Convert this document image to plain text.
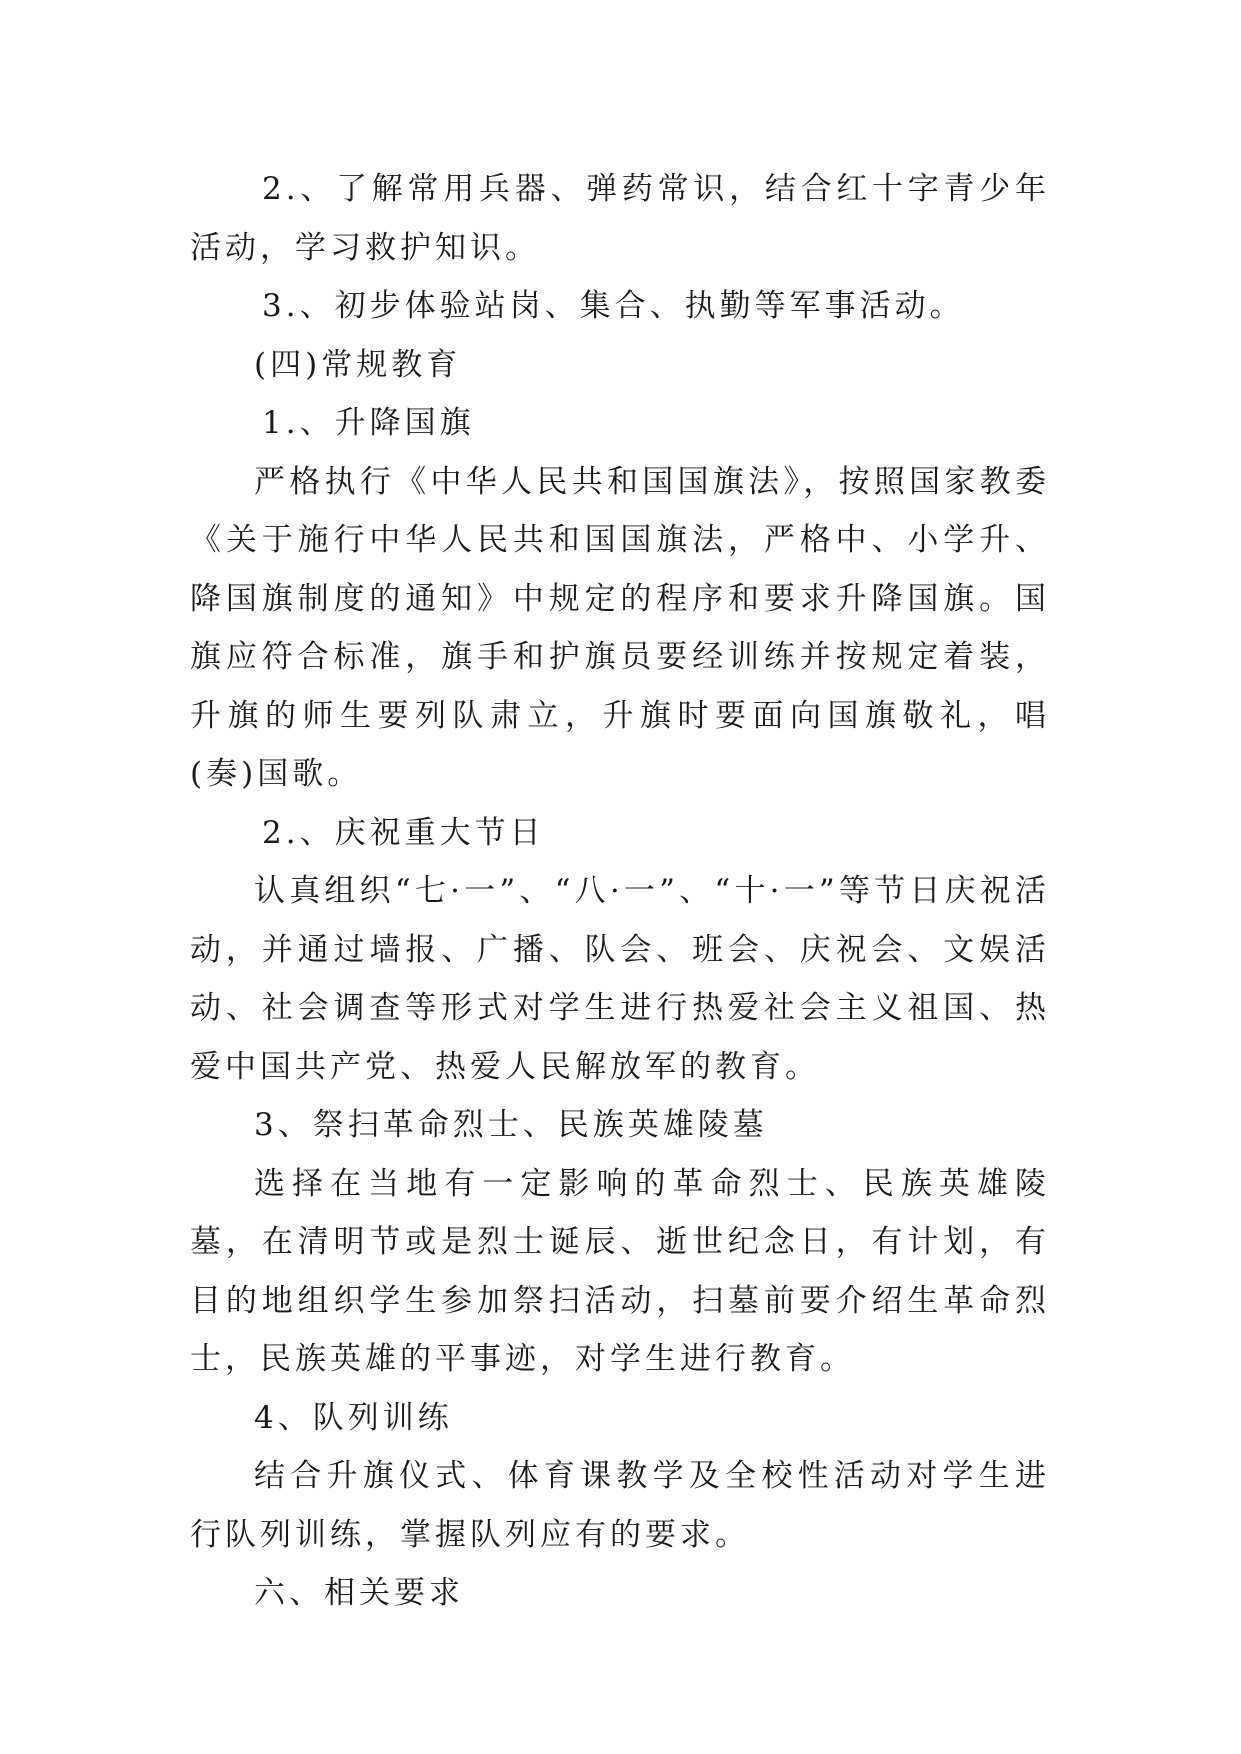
2.、了解常用兵器、弹药常识，结合红十字青少年活动，学习救护知识。

3.、初步体验站岗、集合、执勤等军事活动。

(四)常规教育

1.、升降国旗

严格执行《中华人民共和国国旗法》，按照国家教委《关于施行中华人民共和国国旗法，严格中、小学升、降国旗制度的通知》中规定的程序和要求升降国旗。国旗应符合标准，旗手和护旗员要经训练并按规定着装，升旗的师生要列队肃立，升旗时要面向国旗敬礼，唱(奏)国歌。

2.、庆祝重大节日

认真组织“七·一”、“八·一”、“十·一”等节日庆祝活动，并通过墙报、广播、队会、班会、庆祝会、文娱活动、社会调查等形式对学生进行热爱社会主义祖国、热爱中国共产党、热爱人民解放军的教育。

3、祭扫革命烈士、民族英雄陵墓

选择在当地有一定影响的革命烈士、民族英雄陵墓，在清明节或是烈士诞辰、逝世纪念日，有计划，有目的地组织学生参加祭扫活动，扫墓前要介绍生革命烈士，民族英雄的平事迹，对学生进行教育。

4、队列训练

结合升旗仪式、体育课教学及全校性活动对学生进行队列训练，掌握队列应有的要求。

六、相关要求
